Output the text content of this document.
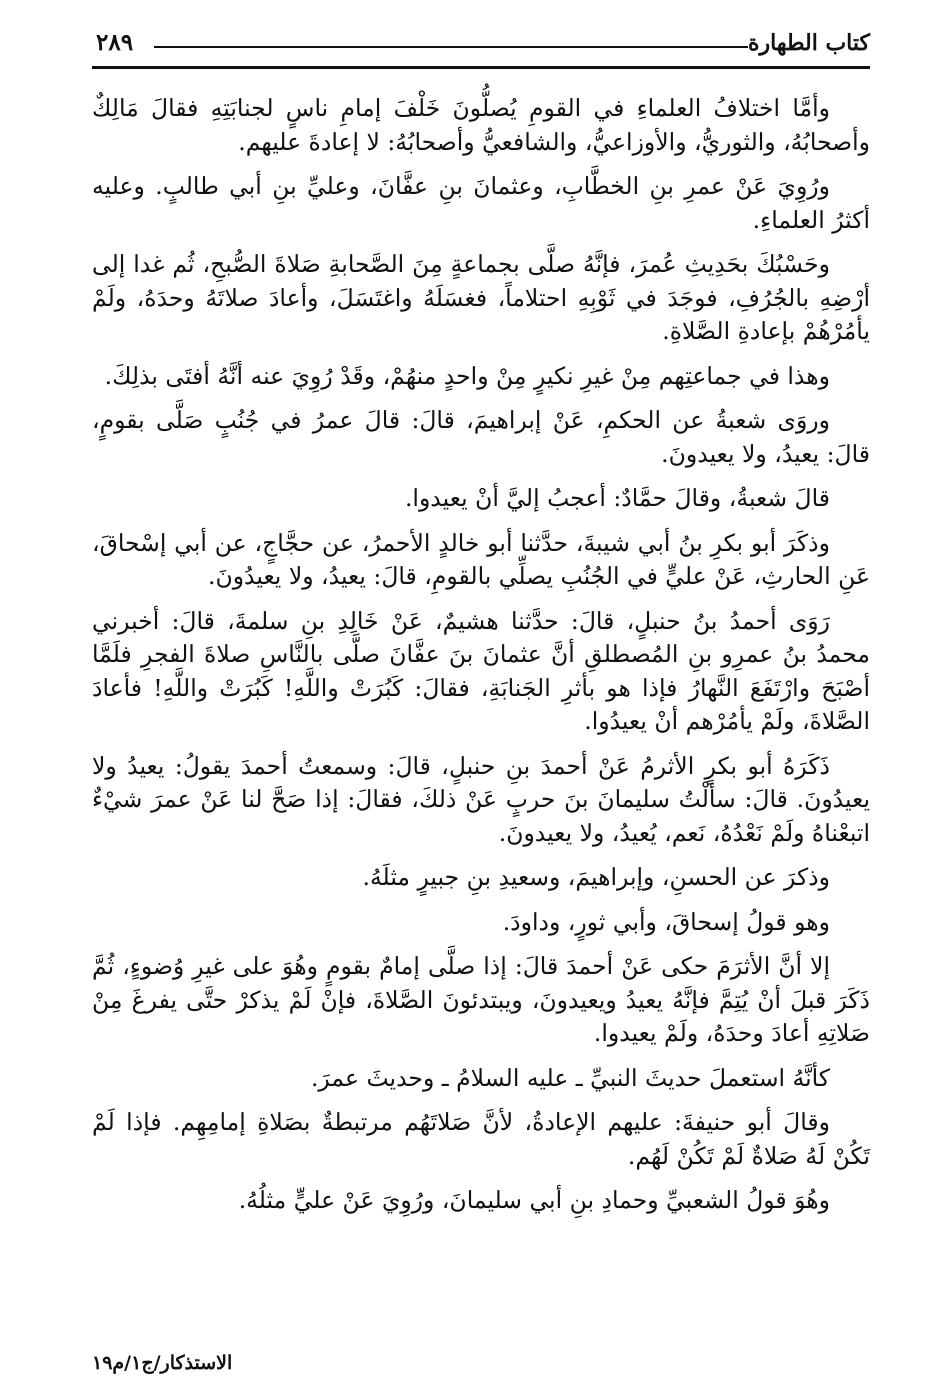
كتاب الطهارة
٢٨٩

وأمَّا اختلافُ العلماءِ في القومِ يُصلُّونَ خَلْفَ إمامِ ناسٍ لجنابَتِهِ فقالَ مَالِكٌ وأصحابُهُ، والثوريُّ، والأوزاعيُّ، والشافعيُّ وأصحابُهُ: لا إعادةَ عليهم.

ورُوِيَ عَنْ عمرِ بنِ الخطَّابِ، وعثمانَ بنِ عفَّانَ، وعليِّ بنِ أبي طالبٍ. وعليه أكثرُ العلماءِ.

وحَسْبُكَ بحَدِيثِ عُمرَ، فإنَّهُ صلَّى بجماعةٍ مِنَ الصَّحابةِ صَلاةَ الصُّبحِ، ثُم غدا إلى أرْضِهِ بالجُرُفِ، فوجَدَ في ثَوْبِهِ احتلاماً، فغسَلَهُ واغتَسَلَ، وأعادَ صلاتَهُ وحدَهُ، ولَمْ يأمُرْهُمْ بإعادةِ الصَّلاةِ.

وهذا في جماعتِهم مِنْ غيرِ نكيرٍ مِنْ واحدٍ منهُمْ، وقَدْ رُوِيَ عنه أنَّهُ أفتَى بذلِكَ.

وروَى شعبةُ عن الحكمِ، عَنْ إبراهيمَ، قالَ: قالَ عمرُ في جُنُبٍ صَلَّى بقومٍ، قالَ: يعيدُ، ولا يعيدونَ.

قالَ شعبةُ، وقالَ حمَّادٌ: أعجبُ إليَّ أنْ يعيدوا.

وذكَرَ أبو بكرِ بنُ أبي شيبةَ، حدَّثنا أبو خالدٍ الأحمرُ، عن حجَّاجٍ، عن أبي إسْحاقَ، عَنِ الحارثِ، عَنْ عليٍّ في الجُنُبِ يصلِّي بالقومِ، قالَ: يعيدُ، ولا يعيدُونَ.

رَوَى أحمدُ بنُ حنبلٍ، قالَ: حدَّثنا هشيمٌ، عَنْ خَالِدِ بنِ سلمةَ، قالَ: أخبرني محمدُ بنُ عمرِو بنِ المُصطلقِ أنَّ عثمانَ بنَ عفَّانَ صلَّى بالنَّاسِ صلاةَ الفجرِ فلَمَّا أصْبَحَ وارْتَفَعَ النَّهارُ فإذا هو بأثرِ الجَنابَةِ، فقالَ: كَبُرَتْ واللَّهِ! كَبُرَتْ واللَّهِ! فأعادَ الصَّلاةَ، ولَمْ يأمُرْهم أنْ يعيدُوا.

ذَكَرَهُ أبو بكرٍ الأثرمُ عَنْ أحمدَ بنِ حنبلٍ، قالَ: وسمعتُ أحمدَ يقولُ: يعيدُ ولا يعيدُونَ. قالَ: سألْتُ سليمانَ بنَ حربٍ عَنْ ذلكَ، فقالَ: إذا صَحَّ لنا عَنْ عمرَ شيْءٌ اتبعْناهُ ولَمْ نَعْدُهُ، نَعم، يُعيدُ، ولا يعيدونَ.

وذكرَ عن الحسنِ، وإبراهيمَ، وسعيدِ بنِ جبيرٍ مثلَهُ.

وهو قولُ إسحاقَ، وأبي ثورٍ، وداودَ.

إلا أنَّ الأثرَمَ حكى عَنْ أحمدَ قالَ: إذا صلَّى إمامٌ بقومٍ وهُوَ على غيرِ وُضوءٍ، ثُمَّ ذَكَرَ قبلَ أنْ يُتِمَّ فإنَّهُ يعيدُ ويعيدونَ، ويبتدئونَ الصَّلاةَ، فإنْ لَمْ يذكرْ حتَّى يفرغَ مِنْ صَلاتِهِ أعادَ وحدَهُ، ولَمْ يعيدوا.

كأنَّهُ استعملَ حديثَ النبيِّ ـ عليه السلامُ ـ وحديثَ عمرَ.

وقالَ أبو حنيفةَ: عليهم الإعادةُ، لأنَّ صَلاتَهُم مرتبطةٌ بصَلاةِ إمامِهِم. فإذا لَمْ تَكُنْ لَهُ صَلاةٌ لَمْ تَكُنْ لَهُم.

وهُوَ قولُ الشعبيِّ وحمادِ بنِ أبي سليمانَ، ورُوِيَ عَنْ عليٍّ مثلُهُ.

الاستذكار/ج١/م١٩
